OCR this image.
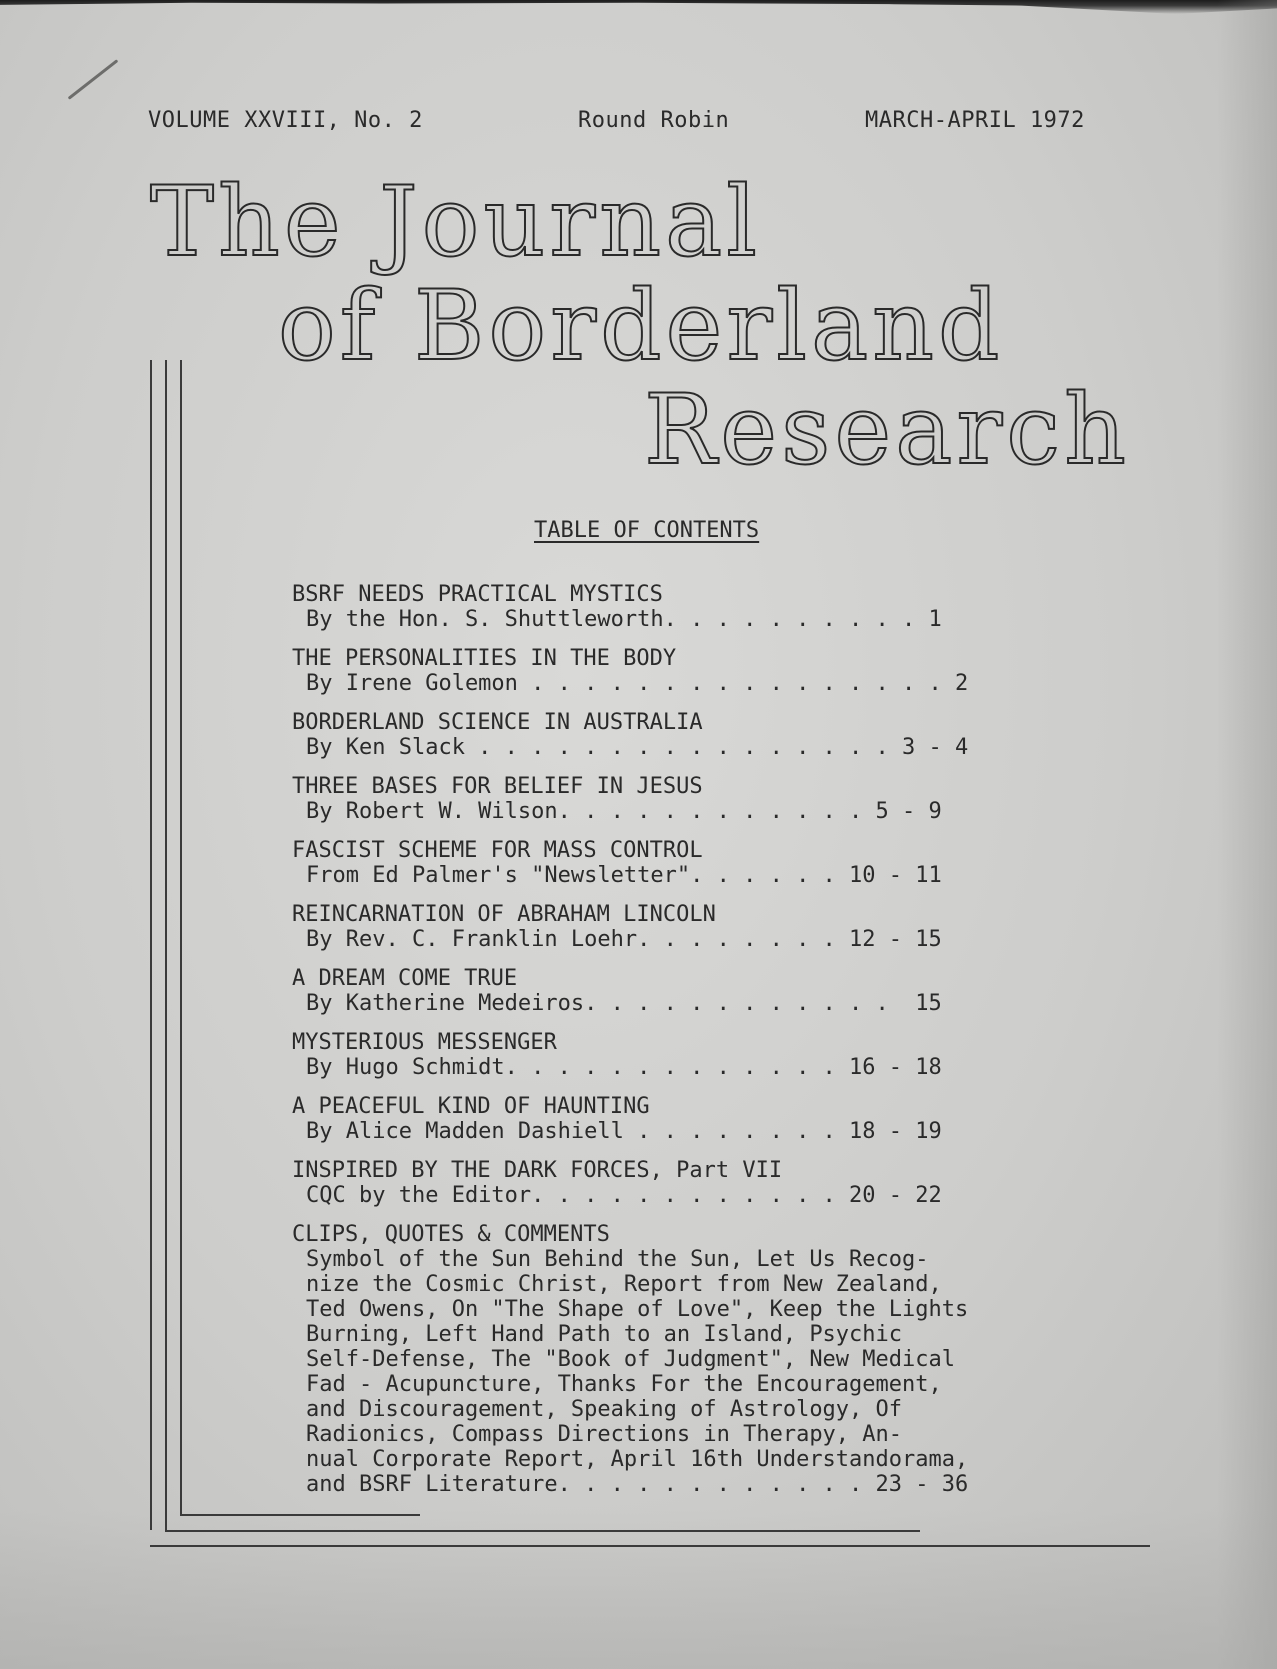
VOLUME XXVIII, No. 2	Round Robin	MARCH-APRIL 1972
The Journal
of Borderland
Research
TABLE OF CONTENTS
BSRF NEEDS PRACTICAL MYSTICS
By the Hon. S. Shuttleworth. . . . . . . . . . 1
THE PERSONALITIES IN THE BODY
By Irene Golemon . . . . . . . . . . . . . . . . 2
BORDERLAND SCIENCE IN AUSTRALIA
By Ken Slack . . . . . . . . . . . . . . . . 3 - 4
THREE BASES FOR BELIEF IN JESUS
By Robert W. Wilson. . . . . . . . . . . . 5 - 9
FASCIST SCHEME FOR MASS CONTROL
From Ed Palmer's "Newsletter". . . . . . 10 - 11
REINCARNATION OF ABRAHAM LINCOLN
By Rev. C. Franklin Loehr. . . . . . . . 12 - 15
A DREAM COME TRUE
By Katherine Medeiros. . . . . . . . . . . .  15
MYSTERIOUS MESSENGER
By Hugo Schmidt. . . . . . . . . . . . . 16 - 18
A PEACEFUL KIND OF HAUNTING
By Alice Madden Dashiell . . . . . . . . 18 - 19
INSPIRED BY THE DARK FORCES, Part VII
CQC by the Editor. . . . . . . . . . . . 20 - 22
CLIPS, QUOTES & COMMENTS
Symbol of the Sun Behind the Sun, Let Us Recog-
nize the Cosmic Christ, Report from New Zealand,
Ted Owens, On "The Shape of Love", Keep the Lights
Burning, Left Hand Path to an Island, Psychic
Self-Defense, The "Book of Judgment", New Medical
Fad - Acupuncture, Thanks For the Encouragement,
and Discouragement, Speaking of Astrology, Of
Radionics, Compass Directions in Therapy, An-
nual Corporate Report, April 16th Understandorama,
and BSRF Literature. . . . . . . . . . . . 23 - 36
